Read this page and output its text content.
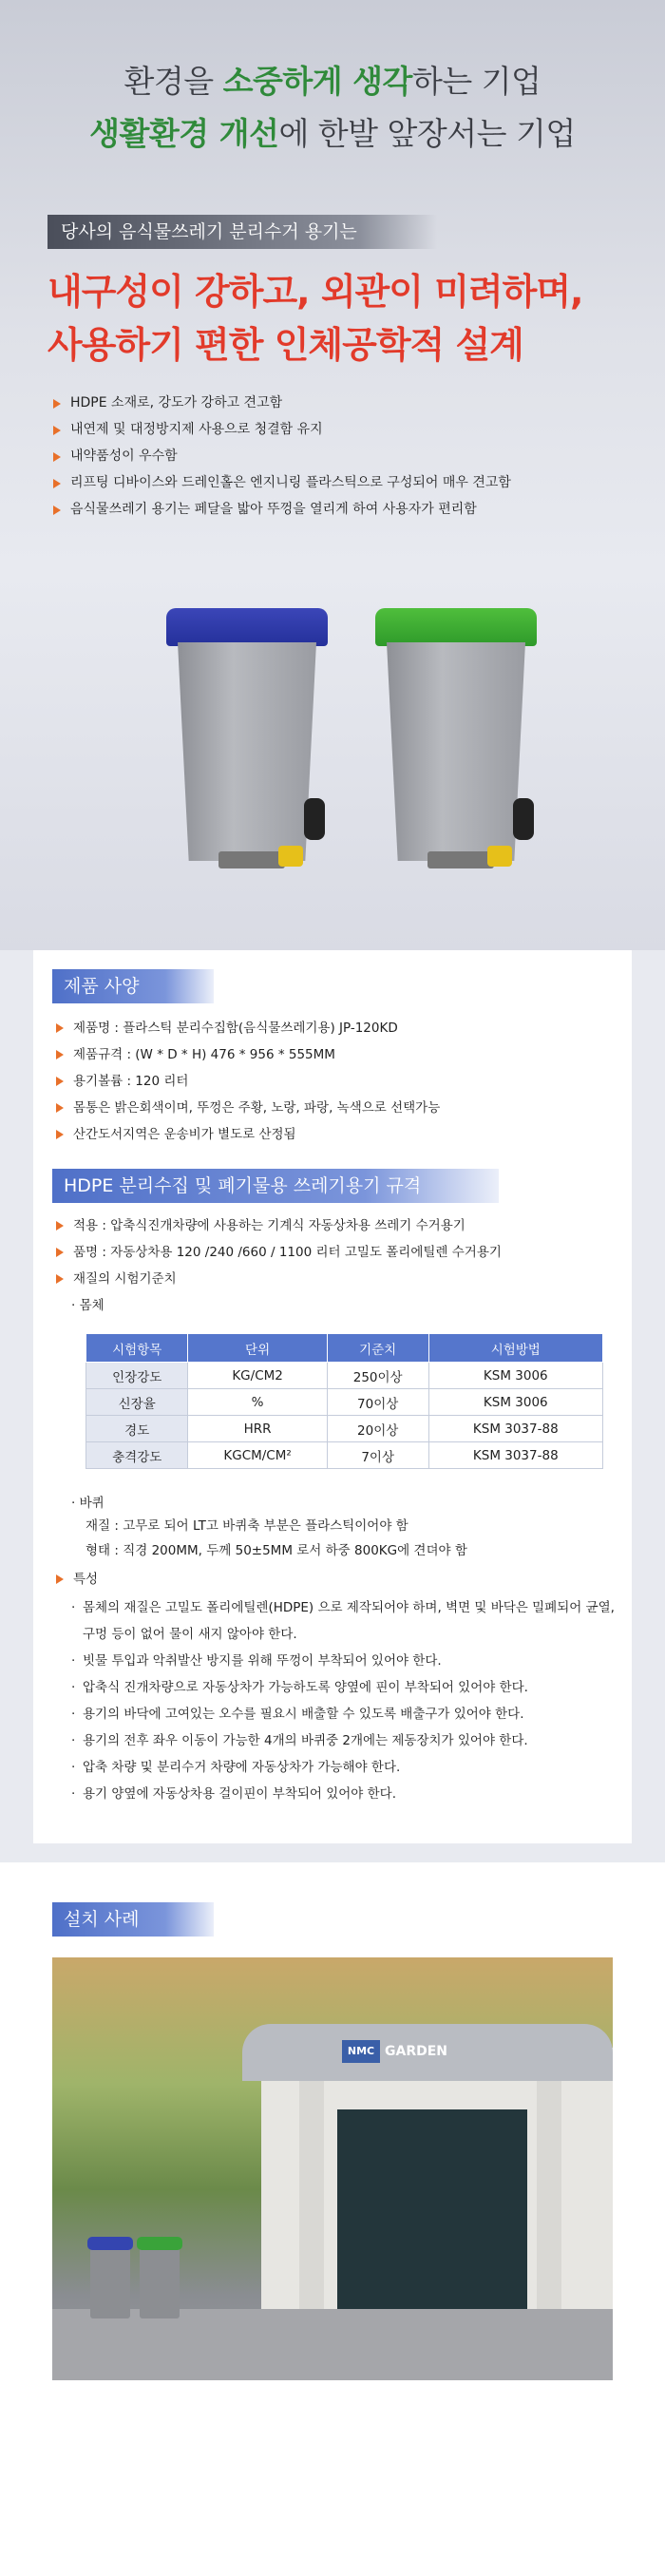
환경을 소중하게 생각하는 기업
생활환경 개선에 한발 앞장서는 기업
당사의 음식물쓰레기 분리수거 용기는
내구성이 강하고, 외관이 미려하며,
사용하기 편한 인체공학적 설계
HDPE 소재로, 강도가 강하고 견고함
내연제 및 대정방지제 사용으로 청결함 유지
내약품성이 우수함
리프팅 디바이스와 드레인홀은 엔지니링 플라스틱으로 구성되어 매우 견고함
음식물쓰레기 용기는 페달을 밟아 뚜껑을 열리게 하여 사용자가 편리함
제품 사양
제품명 : 플라스틱 분리수집함(음식물쓰레기용) JP-120KD
제품규격 : (W * D * H) 476 * 956 * 555MM
용기볼륨 : 120 리터
몸통은 밝은회색이며, 뚜껑은 주황, 노랑, 파랑, 녹색으로 선택가능
산간도서지역은 운송비가 별도로 산정됨
HDPE 분리수집 및 폐기물용 쓰레기용기 규격
적용 : 압축식진개차량에 사용하는 기계식 자동상차용 쓰레기 수거용기
품명 : 자동상차용 120 /240 /660 / 1100 리터 고밀도 폴리에틸렌 수거용기
재질의 시험기준치
· 몸체
시험항목	단위	기준치	시험방법
인장강도	KG/CM2	250이상	KSM 3006
신장율	%	70이상	KSM 3006
경도	HRR	20이상	KSM 3037-88
충격강도	KGCM/CM²	7이상	KSM 3037-88
· 바퀴
재질 : 고무로 되어 LT고 바퀴축 부분은 플라스틱이어야 함
형태 : 직경 200MM, 두께 50±5MM 로서 하중 800KG에 견뎌야 함
특성
· 몸체의 재질은 고밀도 폴리에틸렌(HDPE) 으로 제작되어야 하며, 벽면 및 바닥은 밀폐되어 균열, 구멍 등이 없어 물이 새지 않아야 한다.
· 빗물 투입과 악취발산 방지를 위해 뚜껑이 부착되어 있어야 한다.
· 압축식 진개차량으로 자동상차가 가능하도록 양옆에 핀이 부착되어 있어야 한다.
· 용기의 바닥에 고여있는 오수를 필요시 배출할 수 있도록 배출구가 있어야 한다.
· 용기의 전후 좌우 이동이 가능한 4개의 바퀴중 2개에는 제동장치가 있어야 한다.
· 압축 차량 및 분리수거 차량에 자동상차가 가능해야 한다.
· 용기 양옆에 자동상차용 걸이핀이 부착되어 있어야 한다.
설치 사례
NMC GARDEN
